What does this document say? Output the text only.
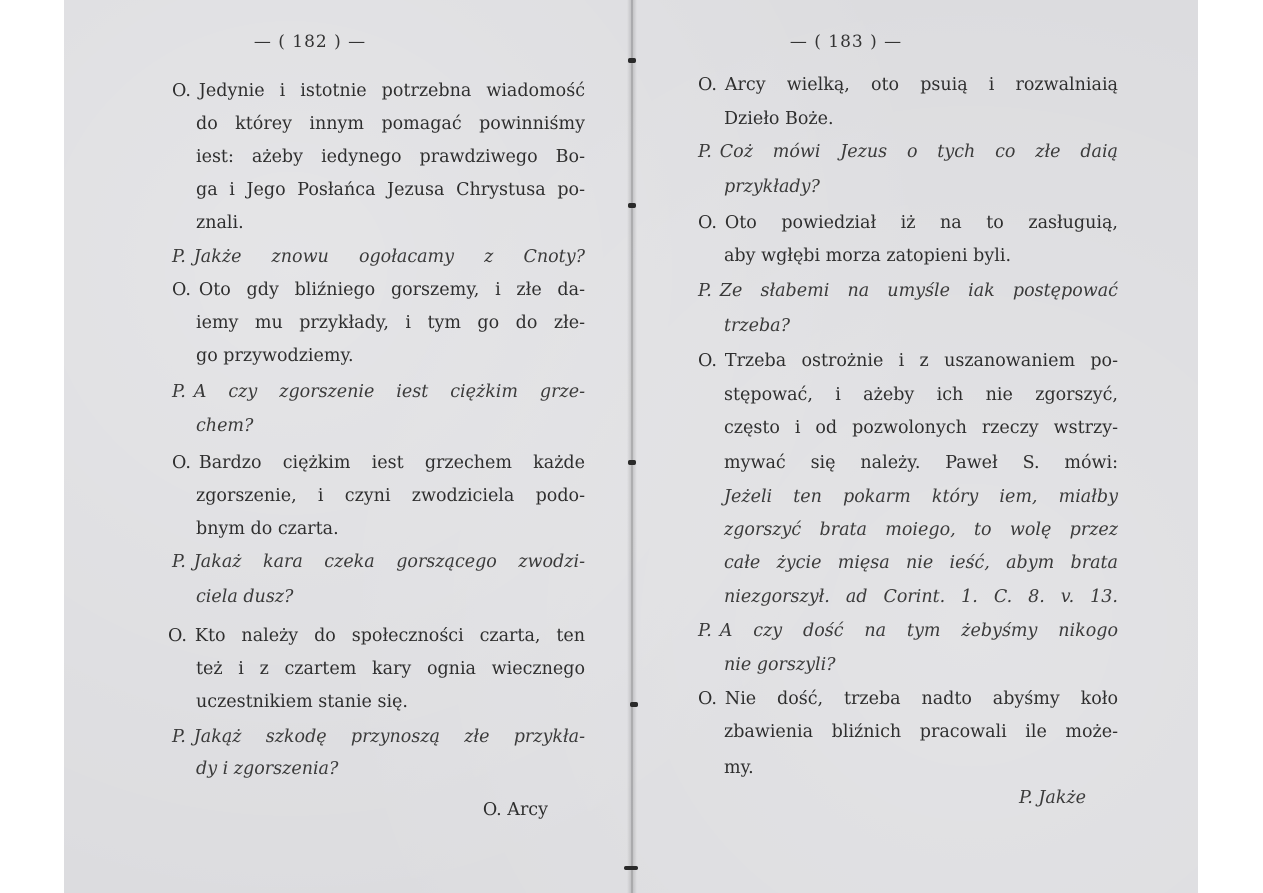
— ( 182 ) —
O. Jedynie i istotnie potrzebna wiadomość
do którey innym pomagać powinniśmy
iest: ażeby iedynego prawdziwego Bo-
ga i Jego Posłańca Jezusa Chrystusa po-
znali.
P. Jakże znowu ogołacamy z Cnoty?
O. Oto gdy bliźniego gorszemy, i złe da-
iemy mu przykłady, i tym go do złe-
go przywodziemy.
P. A czy zgorszenie iest ciężkim grze-
chem?
O. Bardzo ciężkim iest grzechem każde
zgorszenie, i czyni zwodziciela podo-
bnym do czarta.
P. Jakaż kara czeka gorszącego zwodzi-
ciela dusz?
O. Kto należy do społeczności czarta, ten
też i z czartem kary ognia wiecznego
uczestnikiem stanie się.
P. Jakąż szkodę przynoszą złe przykła-
dy i zgorszenia?
O. Arcy
— ( 183 ) —
O. Arcy wielką, oto psuią i rozwalniaią
Dzieło Boże.
P. Coż mówi Jezus o tych co złe daią
przykłady?
O. Oto powiedział iż na to zasługuią,
aby wgłębi morza zatopieni byli.
P. Ze słabemi na umyśle iak postępować
trzeba?
O. Trzeba ostrożnie i z uszanowaniem po-
stępować, i ażeby ich nie zgorszyć,
często i od pozwolonych rzeczy wstrzy-
mywać się należy. Paweł S. mówi:
Jeżeli ten pokarm który iem, miałby
zgorszyć brata moiego, to wolę przez
całe życie mięsa nie ieść, abym brata
niezgorszył. ad Corint. 1. C. 8. v. 13.
P. A czy dość na tym żebyśmy nikogo
nie gorszyli?
O. Nie dość, trzeba nadto abyśmy koło
zbawienia bliźnich pracowali ile może-
my.
P. Jakże
